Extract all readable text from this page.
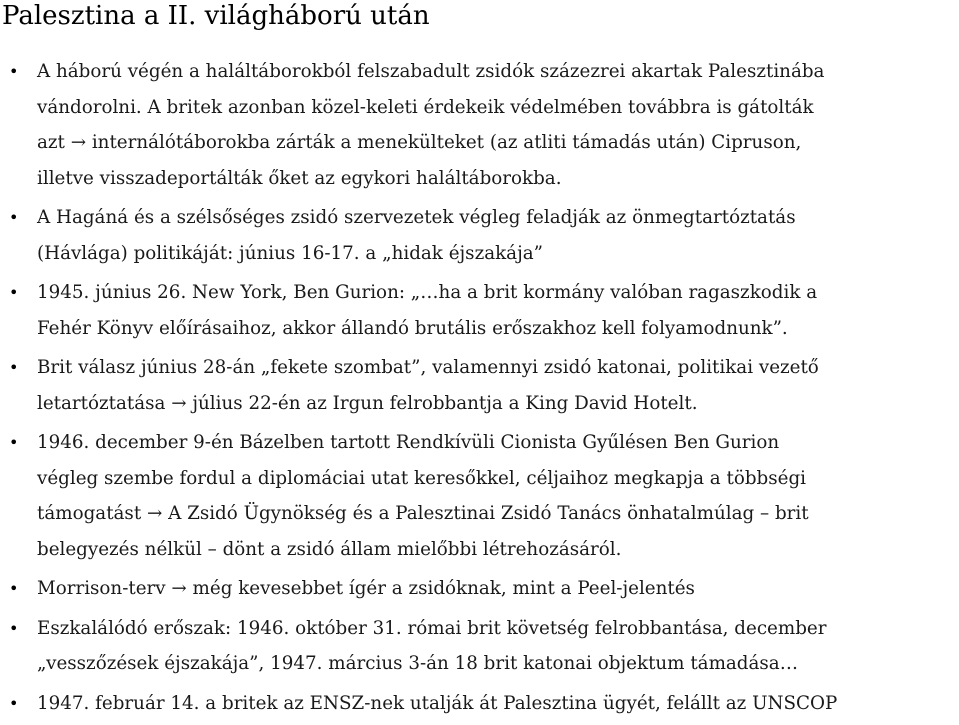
Palesztina a II. világháború után
• A háború végén a haláltáborokból felszabadult zsidók százezrei akartak Palesztinába
vándorolni. A britek azonban közel-keleti érdekeik védelmében továbbra is gátolták
azt → internálótáborokba zárták a menekülteket (az atliti támadás után) Cipruson,
illetve visszadeportálták őket az egykori haláltáborokba.
• A Hagáná és a szélsőséges zsidó szervezetek végleg feladják az önmegtartóztatás
(Hávlága) politikáját: június 16-17. a „hidak éjszakája”
• 1945. június 26. New York, Ben Gurion: „…ha a brit kormány valóban ragaszkodik a
Fehér Könyv előírásaihoz, akkor állandó brutális erőszakhoz kell folyamodnunk”.
• Brit válasz június 28-án „fekete szombat”, valamennyi zsidó katonai, politikai vezető
letartóztatása → július 22-én az Irgun felrobbantja a King David Hotelt.
• 1946. december 9-én Bázelben tartott Rendkívüli Cionista Gyűlésen Ben Gurion
végleg szembe fordul a diplomáciai utat keresőkkel, céljaihoz megkapja a többségi
támogatást → A Zsidó Ügynökség és a Palesztinai Zsidó Tanács önhatalmúlag – brit
belegyezés nélkül – dönt a zsidó állam mielőbbi létrehozásáról.
• Morrison-terv → még kevesebbet ígér a zsidóknak, mint a Peel-jelentés
• Eszkalálódó erőszak: 1946. október 31. római brit követség felrobbantása, december
„vesszőzések éjszakája”, 1947. március 3-án 18 brit katonai objektum támadása…
• 1947. február 14. a britek az ENSZ-nek utalják át Palesztina ügyét, felállt az UNSCOP
